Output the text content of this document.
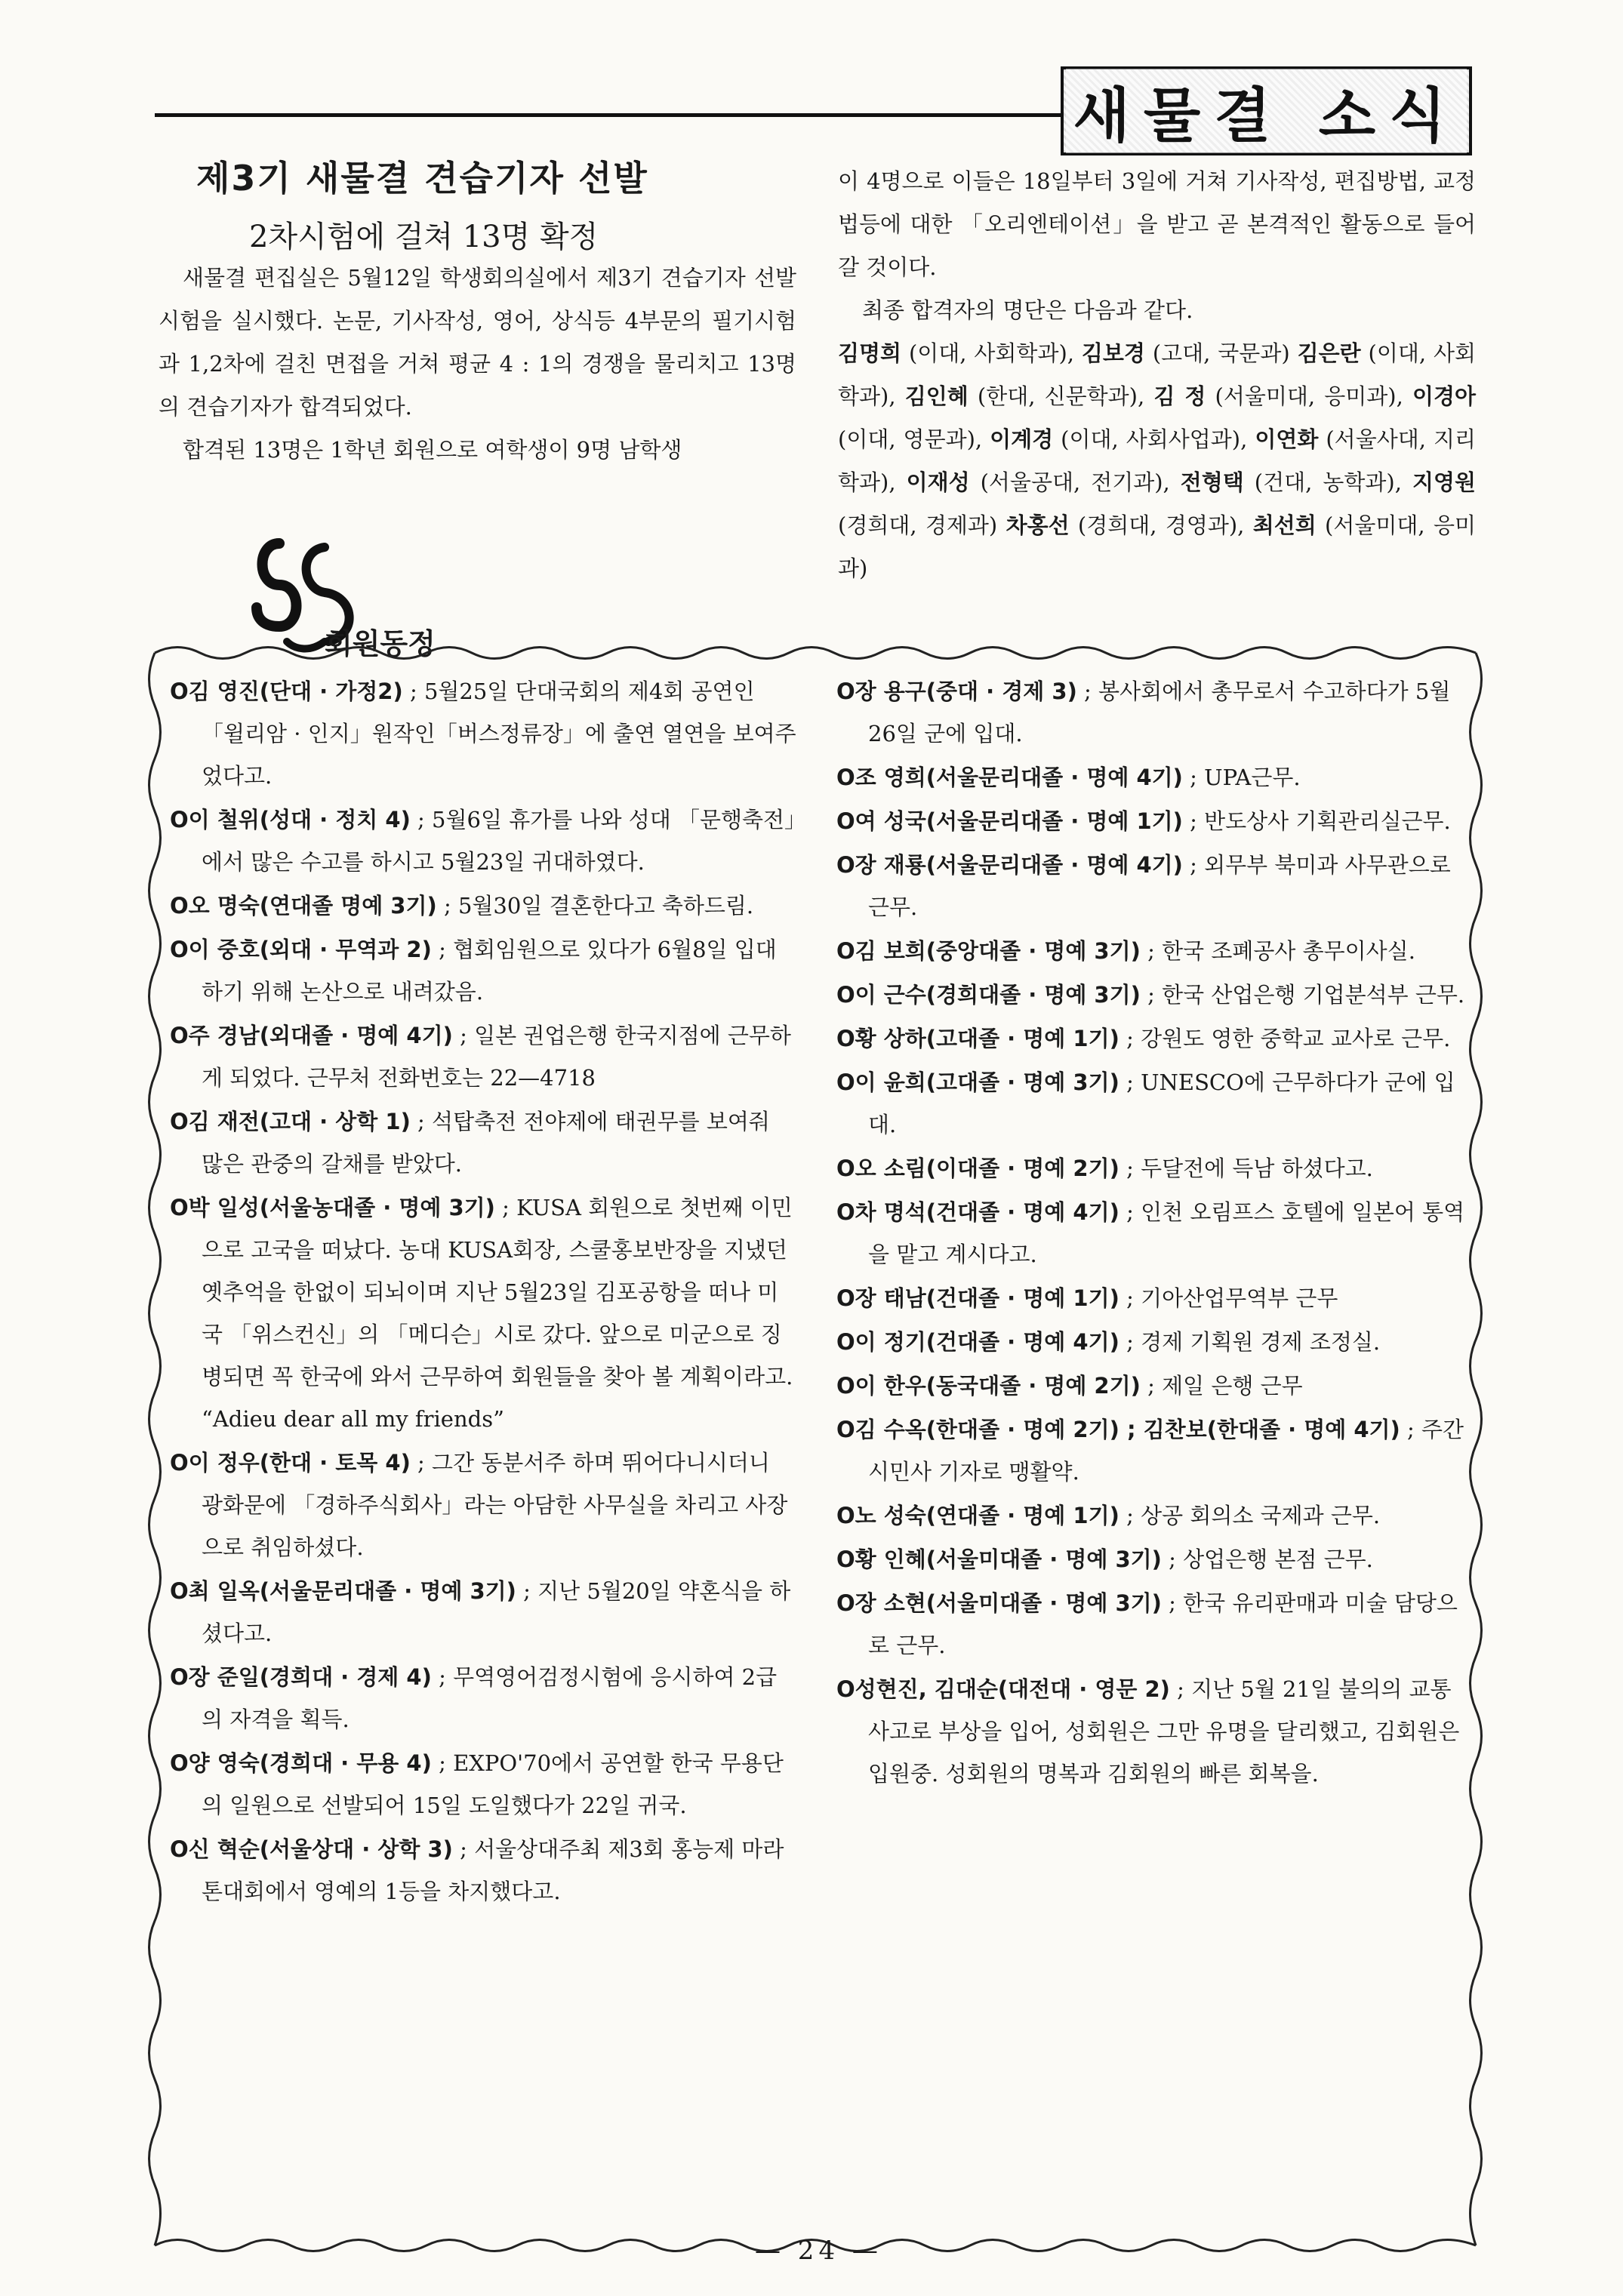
새물결 소식
제3기 새물결 견습기자 선발
2차시험에 걸쳐 13명 확정

새물결 편집실은 5월12일 학생회의실에서 제3기 견습기자 선발시험을 실시했다. 논문, 기사작성, 영어, 상식등 4부문의 필기시험과 1,2차에 걸친 면접을 거쳐 평균 4 : 1의 경쟁을 물리치고 13명의 견습기자가 합격되었다.

합격된 13명은 1학년 회원으로 여학생이 9명 남학생

이 4명으로 이들은 18일부터 3일에 거쳐 기사작성, 편집방법, 교정법등에 대한 「오리엔테이션」을 받고 곧 본격적인 활동으로 들어갈 것이다.

최종 합격자의 명단은 다음과 같다.

김명희 (이대, 사회학과), 김보경 (고대, 국문과) 김은란 (이대, 사회학과), 김인혜 (한대, 신문학과), 김 정 (서울미대, 응미과), 이경아 (이대, 영문과), 이계경 (이대, 사회사업과), 이연화 (서울사대, 지리학과), 이재성 (서울공대, 전기과), 전형택 (건대, 농학과), 지영원 (경희대, 경제과) 차홍선 (경희대, 경영과), 최선희 (서울미대, 응미과)

회원동정

O김 영진(단대 · 가정2) ; 5월25일 단대국회의 제4회 공연인 「윌리암 · 인지」원작인「버스정류장」에 출연 열연을 보여주었다고.

O이 철위(성대 · 정치 4) ; 5월6일 휴가를 나와 성대 「문행축전」에서 많은 수고를 하시고 5월23일 귀대하였다.

O오 명숙(연대졸 명예 3기) ; 5월30일 결혼한다고 축하드림.

O이 중호(외대 · 무역과 2) ; 협회임원으로 있다가 6월8일 입대하기 위해 논산으로 내려갔음.

O주 경남(외대졸 · 명예 4기) ; 일본 권업은행 한국지점에 근무하게 되었다. 근무처 전화번호는 22—4718

O김 재전(고대 · 상학 1) ; 석탑축전 전야제에 태권무를 보여줘 많은 관중의 갈채를 받았다.

O박 일성(서울농대졸 · 명예 3기) ; KUSA 회원으로 첫번째 이민으로 고국을 떠났다. 농대 KUSA회장, 스쿨홍보반장을 지냈던 옛추억을 한없이 되뇌이며 지난 5월23일 김포공항을 떠나 미국 「위스컨신」의 「메디슨」시로 갔다. 앞으로 미군으로 징병되면 꼭 한국에 와서 근무하여 회원들을 찾아 볼 계획이라고. “Adieu dear all my friends”

O이 정우(한대 · 토목 4) ; 그간 동분서주 하며 뛰어다니시더니 광화문에 「경하주식회사」라는 아담한 사무실을 차리고 사장으로 취임하셨다.

O최 일옥(서울문리대졸 · 명예 3기) ; 지난 5월20일 약혼식을 하셨다고.

O장 준일(경희대 · 경제 4) ; 무역영어검정시험에 응시하여 2급의 자격을 획득.

O양 영숙(경희대 · 무용 4) ; EXPO'70에서 공연할 한국 무용단의 일원으로 선발되어 15일 도일했다가 22일 귀국.

O신 혁순(서울상대 · 상학 3) ; 서울상대주최 제3회 홍능제 마라톤대회에서 영예의 1등을 차지했다고.

O장 용구(중대 · 경제 3) ; 봉사회에서 총무로서 수고하다가 5월26일 군에 입대.

O조 영희(서울문리대졸 · 명예 4기) ; UPA근무.

O여 성국(서울문리대졸 · 명예 1기) ; 반도상사 기획관리실근무.

O장 재룡(서울문리대졸 · 명예 4기) ; 외무부 북미과 사무관으로 근무.

O김 보희(중앙대졸 · 명예 3기) ; 한국 조폐공사 총무이사실.

O이 근수(경희대졸 · 명예 3기) ; 한국 산업은행 기업분석부 근무.

O황 상하(고대졸 · 명예 1기) ; 강원도 영한 중학교 교사로 근무.

O이 윤희(고대졸 · 명예 3기) ; UNESCO에 근무하다가 군에 입대.

O오 소림(이대졸 · 명예 2기) ; 두달전에 득남 하셨다고.

O차 명석(건대졸 · 명예 4기) ; 인천 오림프스 호텔에 일본어 통역을 맡고 계시다고.

O장 태남(건대졸 · 명예 1기) ; 기아산업무역부 근무

O이 정기(건대졸 · 명예 4기) ; 경제 기획원 경제 조정실.

O이 한우(동국대졸 · 명예 2기) ; 제일 은행 근무

O김 수옥(한대졸 · 명예 2기) ; 김찬보(한대졸 · 명예 4기) ; 주간 시민사 기자로 맹활약.

O노 성숙(연대졸 · 명예 1기) ; 상공 회의소 국제과 근무.

O황 인혜(서울미대졸 · 명예 3기) ; 상업은행 본점 근무.

O장 소현(서울미대졸 · 명예 3기) ; 한국 유리판매과 미술 담당으로 근무.

O성현진, 김대순(대전대 · 영문 2) ; 지난 5월 21일 불의의 교통사고로 부상을 입어, 성회원은 그만 유명을 달리했고, 김회원은 입원중. 성회원의 명복과 김회원의 빠른 회복을.

— 24 —
